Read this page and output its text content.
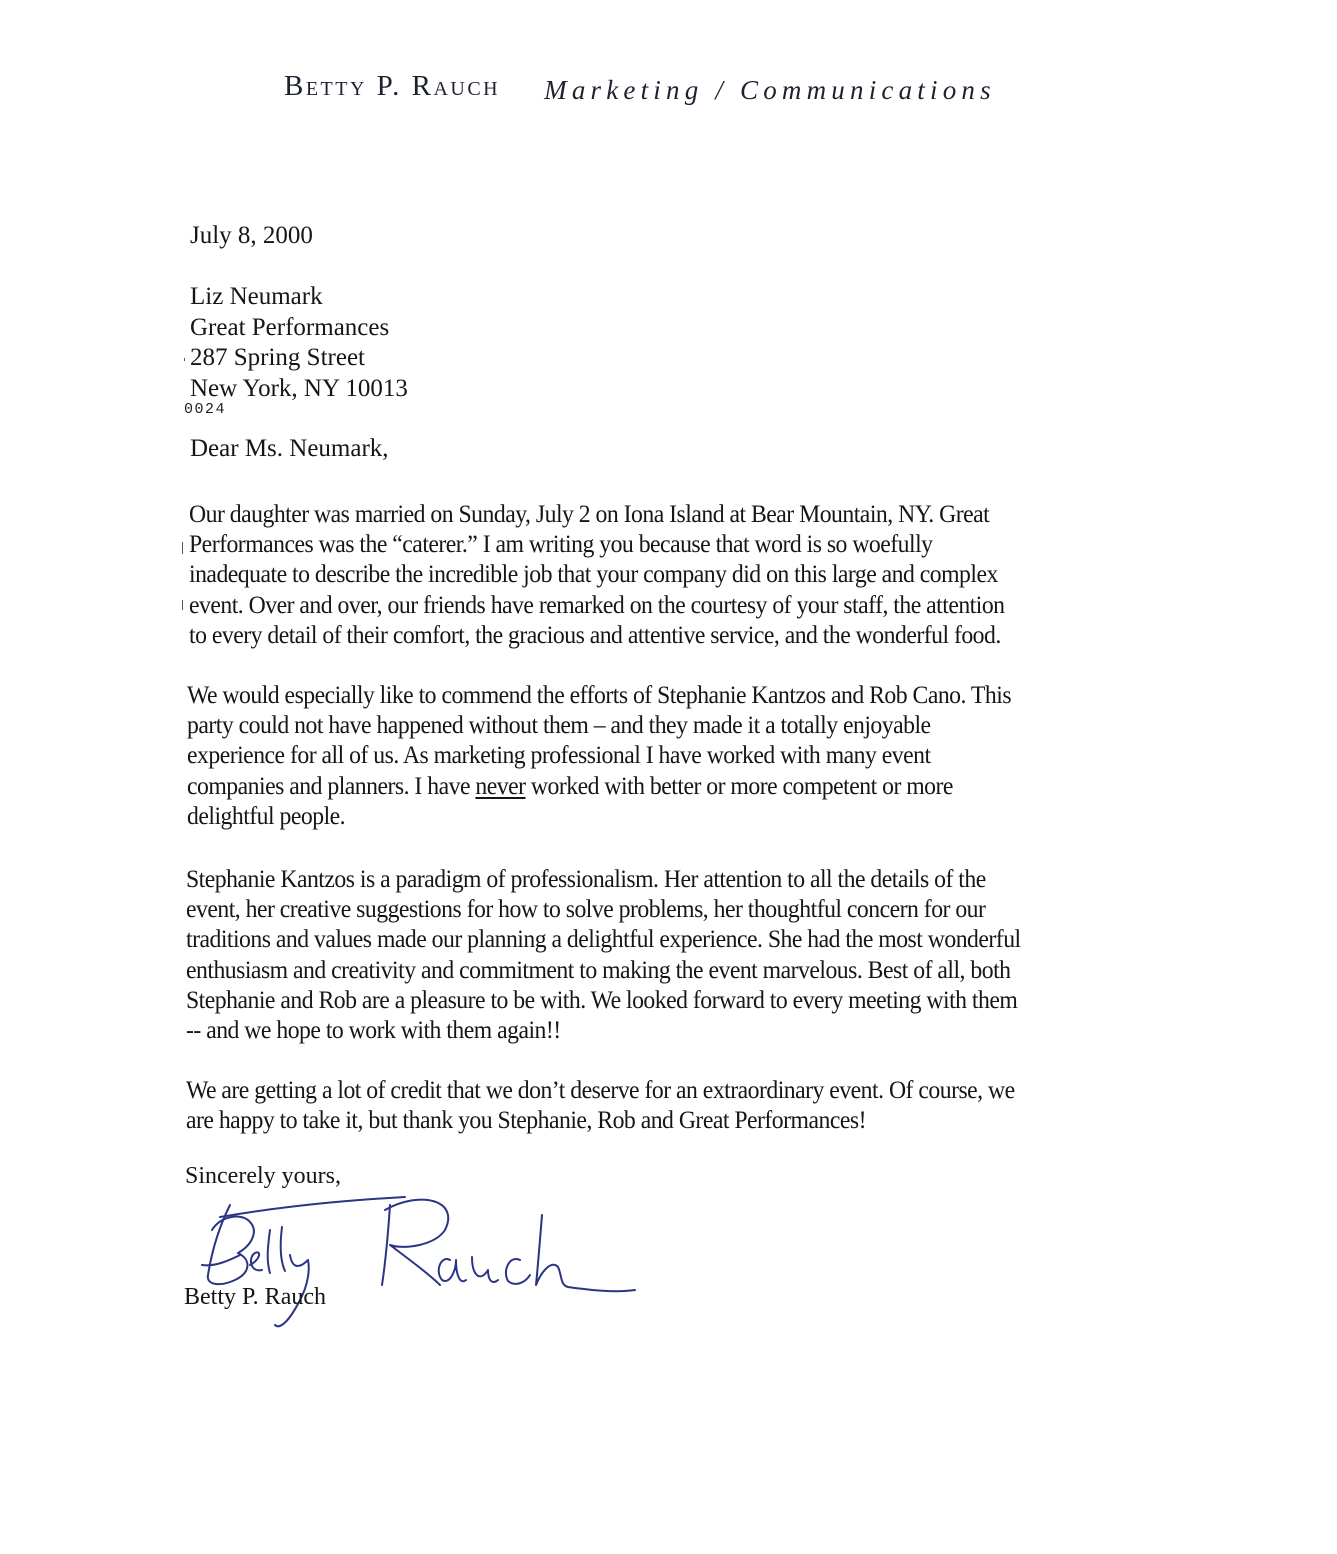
Betty P. Rauch Marketing / Communications
July 8, 2000
Liz Neumark
Great Performances
287 Spring Street
New York, NY 10013
0024
Dear Ms. Neumark,
Our daughter was married on Sunday, July 2 on Iona Island at Bear Mountain, NY. Great
Performances was the “caterer.” I am writing you because that word is so woefully
inadequate to describe the incredible job that your company did on this large and complex
event. Over and over, our friends have remarked on the courtesy of your staff, the attention
to every detail of their comfort, the gracious and attentive service, and the wonderful food.
We would especially like to commend the efforts of Stephanie Kantzos and Rob Cano. This
party could not have happened without them – and they made it a totally enjoyable
experience for all of us. As marketing professional I have worked with many event
companies and planners. I have never worked with better or more competent or more
delightful people.
Stephanie Kantzos is a paradigm of professionalism. Her attention to all the details of the
event, her creative suggestions for how to solve problems, her thoughtful concern for our
traditions and values made our planning a delightful experience. She had the most wonderful
enthusiasm and creativity and commitment to making the event marvelous. Best of all, both
Stephanie and Rob are a pleasure to be with. We looked forward to every meeting with them
-- and we hope to work with them again!!
We are getting a lot of credit that we don’t deserve for an extraordinary event. Of course, we
are happy to take it, but thank you Stephanie, Rob and Great Performances!
Sincerely yours,
Betty P. Rauch
